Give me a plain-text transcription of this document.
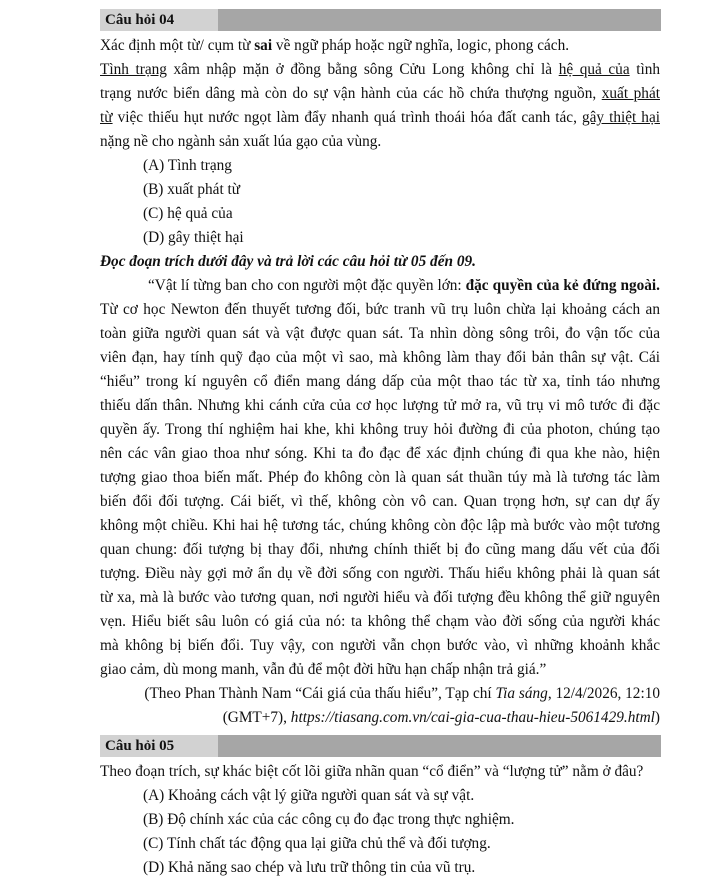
Câu hỏi 04
Xác định một từ/ cụm từ sai về ngữ pháp hoặc ngữ nghĩa, logic, phong cách.
Tình trạng xâm nhập mặn ở đồng bằng sông Cửu Long không chỉ là hệ quả của tình
trạng nước biển dâng mà còn do sự vận hành của các hồ chứa thượng nguồn, xuất phát
từ việc thiếu hụt nước ngọt làm đẩy nhanh quá trình thoái hóa đất canh tác, gây thiệt hại
nặng nề cho ngành sản xuất lúa gạo của vùng.
(A) Tình trạng
(B) xuất phát từ
(C) hệ quả của
(D) gây thiệt hại
Đọc đoạn trích dưới đây và trả lời các câu hỏi từ 05 đến 09.
“Vật lí từng ban cho con người một đặc quyền lớn: đặc quyền của kẻ đứng ngoài.
Từ cơ học Newton đến thuyết tương đối, bức tranh vũ trụ luôn chừa lại khoảng cách an
toàn giữa người quan sát và vật được quan sát. Ta nhìn dòng sông trôi, đo vận tốc của
viên đạn, hay tính quỹ đạo của một vì sao, mà không làm thay đổi bản thân sự vật. Cái
“hiểu” trong kí nguyên cổ điển mang dáng dấp của một thao tác từ xa, tỉnh táo nhưng
thiếu dấn thân. Nhưng khi cánh cửa của cơ học lượng tử mở ra, vũ trụ vi mô tước đi đặc
quyền ấy. Trong thí nghiệm hai khe, khi không truy hỏi đường đi của photon, chúng tạo
nên các vân giao thoa như sóng. Khi ta đo đạc để xác định chúng đi qua khe nào, hiện
tượng giao thoa biến mất. Phép đo không còn là quan sát thuần túy mà là tương tác làm
biến đổi đối tượng. Cái biết, vì thế, không còn vô can. Quan trọng hơn, sự can dự ấy
không một chiều. Khi hai hệ tương tác, chúng không còn độc lập mà bước vào một tương
quan chung: đối tượng bị thay đổi, nhưng chính thiết bị đo cũng mang dấu vết của đối
tượng. Điều này gợi mở ẩn dụ về đời sống con người. Thấu hiểu không phải là quan sát
từ xa, mà là bước vào tương quan, nơi người hiểu và đối tượng đều không thể giữ nguyên
vẹn. Hiểu biết sâu luôn có giá của nó: ta không thể chạm vào đời sống của người khác
mà không bị biến đổi. Tuy vậy, con người vẫn chọn bước vào, vì những khoảnh khắc
giao cảm, dù mong manh, vẫn đủ để một đời hữu hạn chấp nhận trả giá.”
(Theo Phan Thành Nam “Cái giá của thấu hiểu”, Tạp chí Tia sáng, 12/4/2026, 12:10
(GMT+7), https://tiasang.com.vn/cai-gia-cua-thau-hieu-5061429.html)
Câu hỏi 05
Theo đoạn trích, sự khác biệt cốt lõi giữa nhãn quan “cổ điển” và “lượng tử” nằm ở đâu?
(A) Khoảng cách vật lý giữa người quan sát và sự vật.
(B) Độ chính xác của các công cụ đo đạc trong thực nghiệm.
(C) Tính chất tác động qua lại giữa chủ thể và đối tượng.
(D) Khả năng sao chép và lưu trữ thông tin của vũ trụ.
